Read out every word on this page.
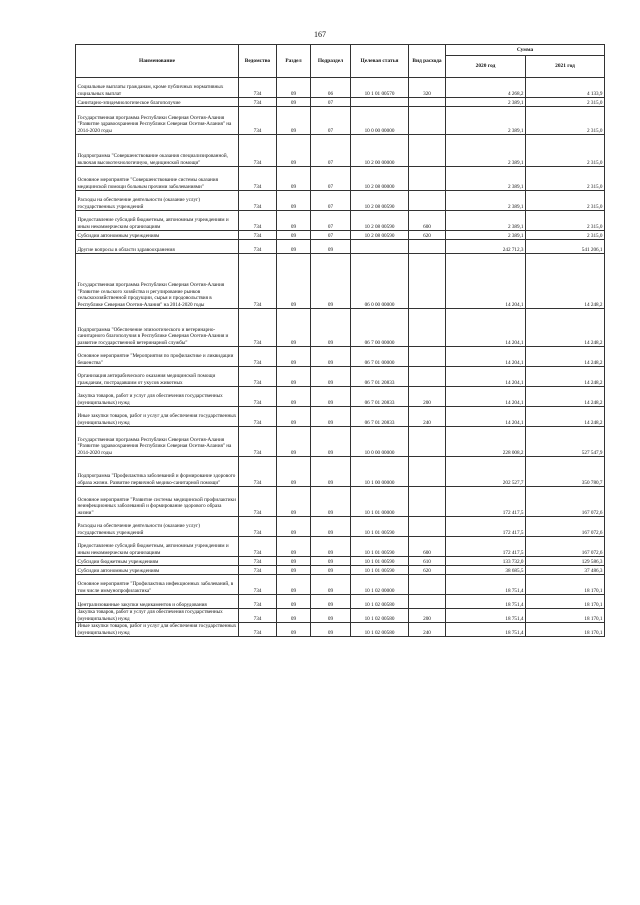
167
Наименование	Ведомство	Раздел	Подраздел	Целевая статья	Вид расхода	Сумма	
						2020 год	2021 год
Социальные выплаты гражданам, кроме публичных нормативных социальных выплат	734	09	06	10 1 01 00570	320	4 268,2	4 133,9
Санитарно-эпидемиологическое благополучие	734	09	07			2 389,1	2 315,0
Государственная программа Республики Северная Осетия-Алания "Развитие здравоохранения Республики Северная Осетия-Алания" на 2014-2020 годы	734	09	07	10 0 00 00000		2 389,1	2 315,0
Подпрограмма "Совершенствование оказания специализированной, включая высокотехнологичную, медицинской помощи"	734	09	07	10 2 00 00000		2 389,1	2 315,0
Основное мероприятие "Совершенствование системы оказания медицинской помощи больным прочими заболеваниями"	734	09	07	10 2 08 00000		2 389,1	2 315,0
Расходы на обеспечение деятельности (оказание услуг) государственных учреждений	734	09	07	10 2 08 00590		2 389,1	2 315,0
Предоставление субсидий бюджетным, автономным учреждениям и иным некоммерческим организациям	734	09	07	10 2 08 00590	600	2 389,1	2 315,0
Субсидии автономным учреждениям	734	09	07	10 2 08 00590	620	2 389,1	2 315,0
Другие вопросы в области здравоохранения	734	09	09			242 712,3	541 206,1
Государственная программа Республики Северная Осетия-Алания "Развитие сельского хозяйства и регулирование рынков сельскохозяйственной продукции, сырья и продовольствия в Республике Северная Осетия-Алания" на 2014-2020 годы	734	09	09	06 0 00 00000		14 204,1	14 248,2
Подпрограмма "Обеспечение эпизоотического и ветеринарно-санитарного благополучия в Республике Северная Осетия-Алания и развитие государственной ветеринарной службы"	734	09	09	06 7 00 00000		14 204,1	14 248,2
Основное мероприятие "Мероприятия по профилактике и ликвидации бешенства"	734	09	09	06 7 01 00000		14 204,1	14 248,2
Организация антирабического оказания медицинской помощи гражданам, пострадавшим от укусов животных	734	09	09	06 7 01 20833		14 204,1	14 248,2
Закупка товаров, работ и услуг для обеспечения государственных (муниципальных) нужд	734	09	09	06 7 01 20833	200	14 204,1	14 248,2
Иные закупки товаров, работ и услуг для обеспечения государственных (муниципальных) нужд	734	09	09	06 7 01 20833	240	14 204,1	14 248,2
Государственная программа Республики Северная Осетия-Алания "Развитие здравоохранения Республики Северная Осетия-Алания" на 2014-2020 годы	734	09	09	10 0 00 00000		228 008,2	527 547,9
Подпрограмма "Профилактика заболеваний и формирование здорового образа жизни. Развитие первичной медико-санитарной помощи"	734	09	09	10 1 00 00000		202 527,7	350 780,7
Основное мероприятие "Развитие системы медицинской профилактики неинфекционных заболеваний и формирование здорового образа жизни"	734	09	09	10 1 01 00000		172 417,5	167 072,6
Расходы на обеспечение деятельности (оказание услуг) государственных учреждений	734	09	09	10 1 01 00590		172 417,5	167 072,6
Предоставление субсидий бюджетным, автономным учреждениям и иным некоммерческим организациям	734	09	09	10 1 01 00590	600	172 417,5	167 072,6
Субсидии бюджетным учреждениям	734	09	09	10 1 01 00590	610	133 732,0	129 586,3
Субсидии автономным учреждениям	734	09	09	10 1 01 00590	620	38 685,5	37 486,3
Основное мероприятие "Профилактика инфекционных заболеваний, в том числе иммунопрофилактика"	734	09	09	10 1 02 00000		18 751,4	18 170,1
Централизованные закупки медикаментов и оборудования	734	09	09	10 1 02 00580		18 751,4	18 170,1
Закупка товаров, работ и услуг для обеспечения государственных (муниципальных) нужд	734	09	09	10 1 02 00580	200	18 751,4	18 170,1
Иные закупки товаров, работ и услуг для обеспечения государственных (муниципальных) нужд	734	09	09	10 1 02 00580	240	18 751,4	18 170,1
